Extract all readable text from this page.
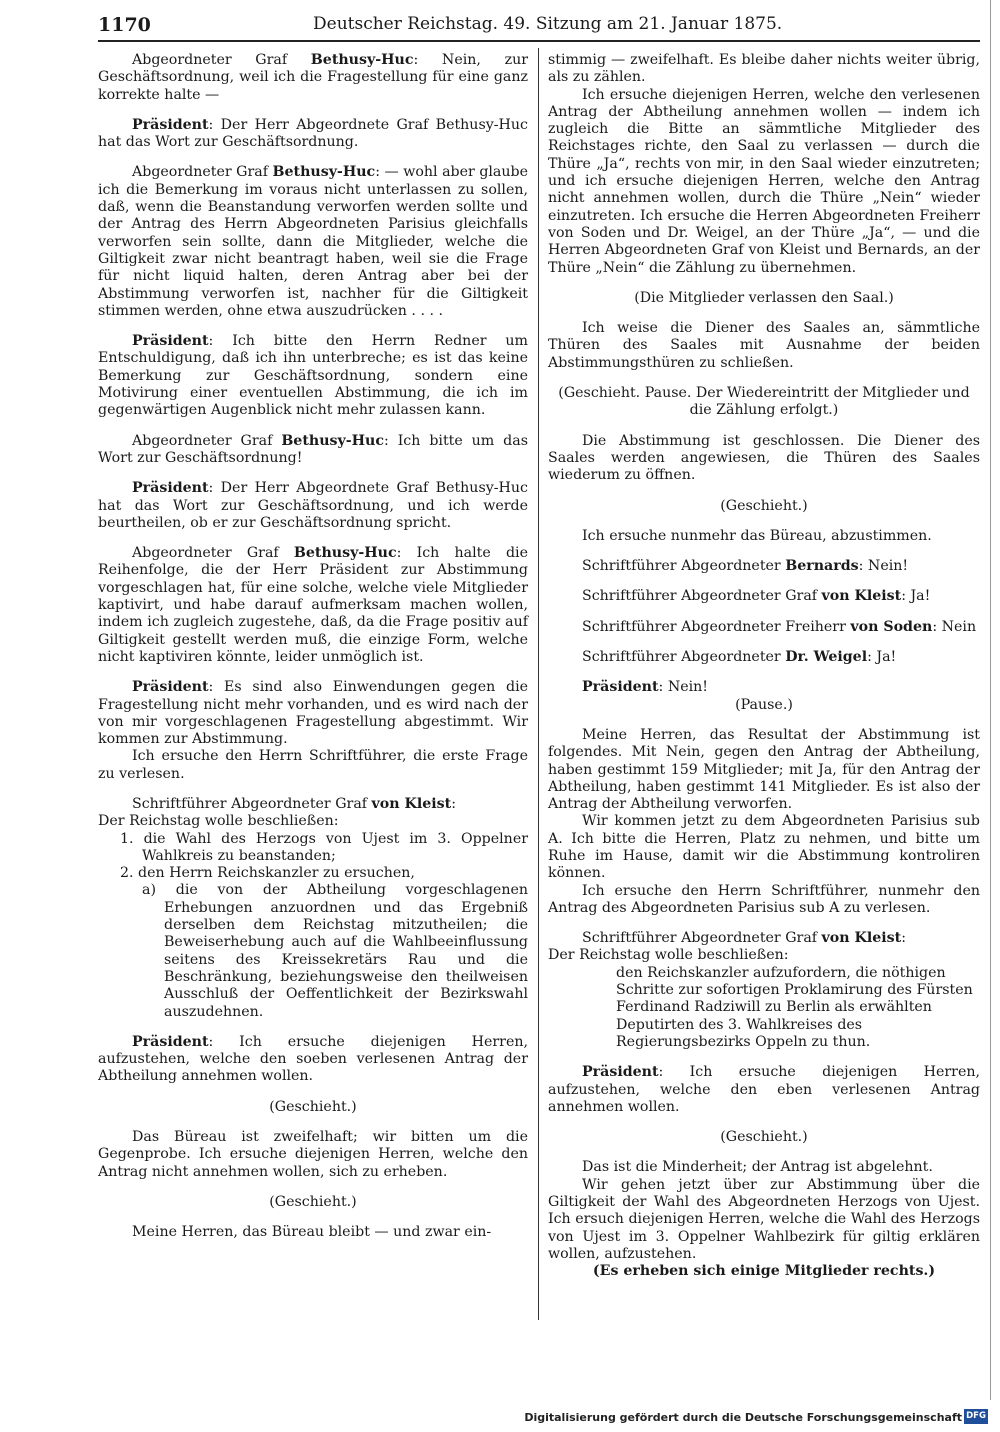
1170	Deutscher Reichstag. 49. Sitzung am 21. Januar 1875.

Abgeordneter Graf Bethusy-Huc: Nein, zur Geschäftsordnung, weil ich die Fragestellung für eine ganz korrekte halte —

Präsident: Der Herr Abgeordnete Graf Bethusy-Huc hat das Wort zur Geschäftsordnung.

Abgeordneter Graf Bethusy-Huc: — wohl aber glaube ich die Bemerkung im voraus nicht unterlassen zu sollen, daß, wenn die Beanstandung verworfen werden sollte und der Antrag des Herrn Abgeordneten Parisius gleichfalls verworfen sein sollte, dann die Mitglieder, welche die Giltigkeit zwar nicht beantragt haben, weil sie die Frage für nicht liquid halten, deren Antrag aber bei der Abstimmung verworfen ist, nachher für die Giltigkeit stimmen werden, ohne etwa auszudrücken . . . .

Präsident: Ich bitte den Herrn Redner um Entschuldigung, daß ich ihn unterbreche; es ist das keine Bemerkung zur Geschäftsordnung, sondern eine Motivirung einer eventuellen Abstimmung, die ich im gegenwärtigen Augenblick nicht mehr zulassen kann.

Abgeordneter Graf Bethusy-Huc: Ich bitte um das Wort zur Geschäftsordnung!

Präsident: Der Herr Abgeordnete Graf Bethusy-Huc hat das Wort zur Geschäftsordnung, und ich werde beurtheilen, ob er zur Geschäftsordnung spricht.

Abgeordneter Graf Bethusy-Huc: Ich halte die Reihenfolge, die der Herr Präsident zur Abstimmung vorgeschlagen hat, für eine solche, welche viele Mitglieder kaptivirt, und habe darauf aufmerksam machen wollen, indem ich zugleich zugestehe, daß, da die Frage positiv auf Giltigkeit gestellt werden muß, die einzige Form, welche nicht kaptiviren könnte, leider unmöglich ist.

Präsident: Es sind also Einwendungen gegen die Fragestellung nicht mehr vorhanden, und es wird nach der von mir vorgeschlagenen Fragestellung abgestimmt. Wir kommen zur Abstimmung.

Ich ersuche den Herrn Schriftführer, die erste Frage zu verlesen.

Schriftführer Abgeordneter Graf von Kleist:

Der Reichstag wolle beschließen:

1. die Wahl des Herzogs von Ujest im 3. Oppelner Wahlkreis zu beanstanden;

2. den Herrn Reichskanzler zu ersuchen,

a) die von der Abtheilung vorgeschlagenen Erhebungen anzuordnen und das Ergebniß derselben dem Reichstag mitzutheilen; die Beweiserhebung auch auf die Wahlbeeinflussung seitens des Kreissekretärs Rau und die Beschränkung, beziehungsweise den theilweisen Ausschluß der Oeffentlichkeit der Bezirkswahl auszudehnen.

Präsident: Ich ersuche diejenigen Herren, aufzustehen, welche den soeben verlesenen Antrag der Abtheilung annehmen wollen.

(Geschieht.)

Das Büreau ist zweifelhaft; wir bitten um die Gegenprobe. Ich ersuche diejenigen Herren, welche den Antrag nicht annehmen wollen, sich zu erheben.

(Geschieht.)

Meine Herren, das Büreau bleibt — und zwar ein-

stimmig — zweifelhaft. Es bleibe daher nichts weiter übrig, als zu zählen.

Ich ersuche diejenigen Herren, welche den verlesenen Antrag der Abtheilung annehmen wollen — indem ich zugleich die Bitte an sämmtliche Mitglieder des Reichstages richte, den Saal zu verlassen — durch die Thüre „Ja“, rechts von mir, in den Saal wieder einzutreten; und ich ersuche diejenigen Herren, welche den Antrag nicht annehmen wollen, durch die Thüre „Nein“ wieder einzutreten. Ich ersuche die Herren Abgeordneten Freiherr von Soden und Dr. Weigel, an der Thüre „Ja“, — und die Herren Abgeordneten Graf von Kleist und Bernards, an der Thüre „Nein“ die Zählung zu übernehmen.

(Die Mitglieder verlassen den Saal.)

Ich weise die Diener des Saales an, sämmtliche Thüren des Saales mit Ausnahme der beiden Abstimmungsthüren zu schließen.

(Geschieht. Pause. Der Wiedereintritt der Mitglieder und die Zählung erfolgt.)

Die Abstimmung ist geschlossen. Die Diener des Saales werden angewiesen, die Thüren des Saales wiederum zu öffnen.

(Geschieht.)

Ich ersuche nunmehr das Büreau, abzustimmen.

Schriftführer Abgeordneter Bernards: Nein!

Schriftführer Abgeordneter Graf von Kleist: Ja!

Schriftführer Abgeordneter Freiherr von Soden: Nein

Schriftführer Abgeordneter Dr. Weigel: Ja!

Präsident: Nein!

(Pause.)

Meine Herren, das Resultat der Abstimmung ist folgendes. Mit Nein, gegen den Antrag der Abtheilung, haben gestimmt 159 Mitglieder; mit Ja, für den Antrag der Abtheilung, haben gestimmt 141 Mitglieder. Es ist also der Antrag der Abtheilung verworfen.

Wir kommen jetzt zu dem Abgeordneten Parisius sub A. Ich bitte die Herren, Platz zu nehmen, und bitte um Ruhe im Hause, damit wir die Abstimmung kontroliren können.

Ich ersuche den Herrn Schriftführer, nunmehr den Antrag des Abgeordneten Parisius sub A zu verlesen.

Schriftführer Abgeordneter Graf von Kleist:

Der Reichstag wolle beschließen:

den Reichskanzler aufzufordern, die nöthigen Schritte zur sofortigen Proklamirung des Fürsten Ferdinand Radziwill zu Berlin als erwählten Deputirten des 3. Wahlkreises des Regierungsbezirks Oppeln zu thun.

Präsident: Ich ersuche diejenigen Herren, aufzustehen, welche den eben verlesenen Antrag annehmen wollen.

(Geschieht.)

Das ist die Minderheit; der Antrag ist abgelehnt.

Wir gehen jetzt über zur Abstimmung über die Giltigkeit der Wahl des Abgeordneten Herzogs von Ujest. Ich ersuch diejenigen Herren, welche die Wahl des Herzogs von Ujest im 3. Oppelner Wahlbezirk für giltig erklären wollen, aufzustehen.

(Es erheben sich einige Mitglieder rechts.)

Digitalisierung gefördert durch die Deutsche Forschungsgemeinschaft DFG
